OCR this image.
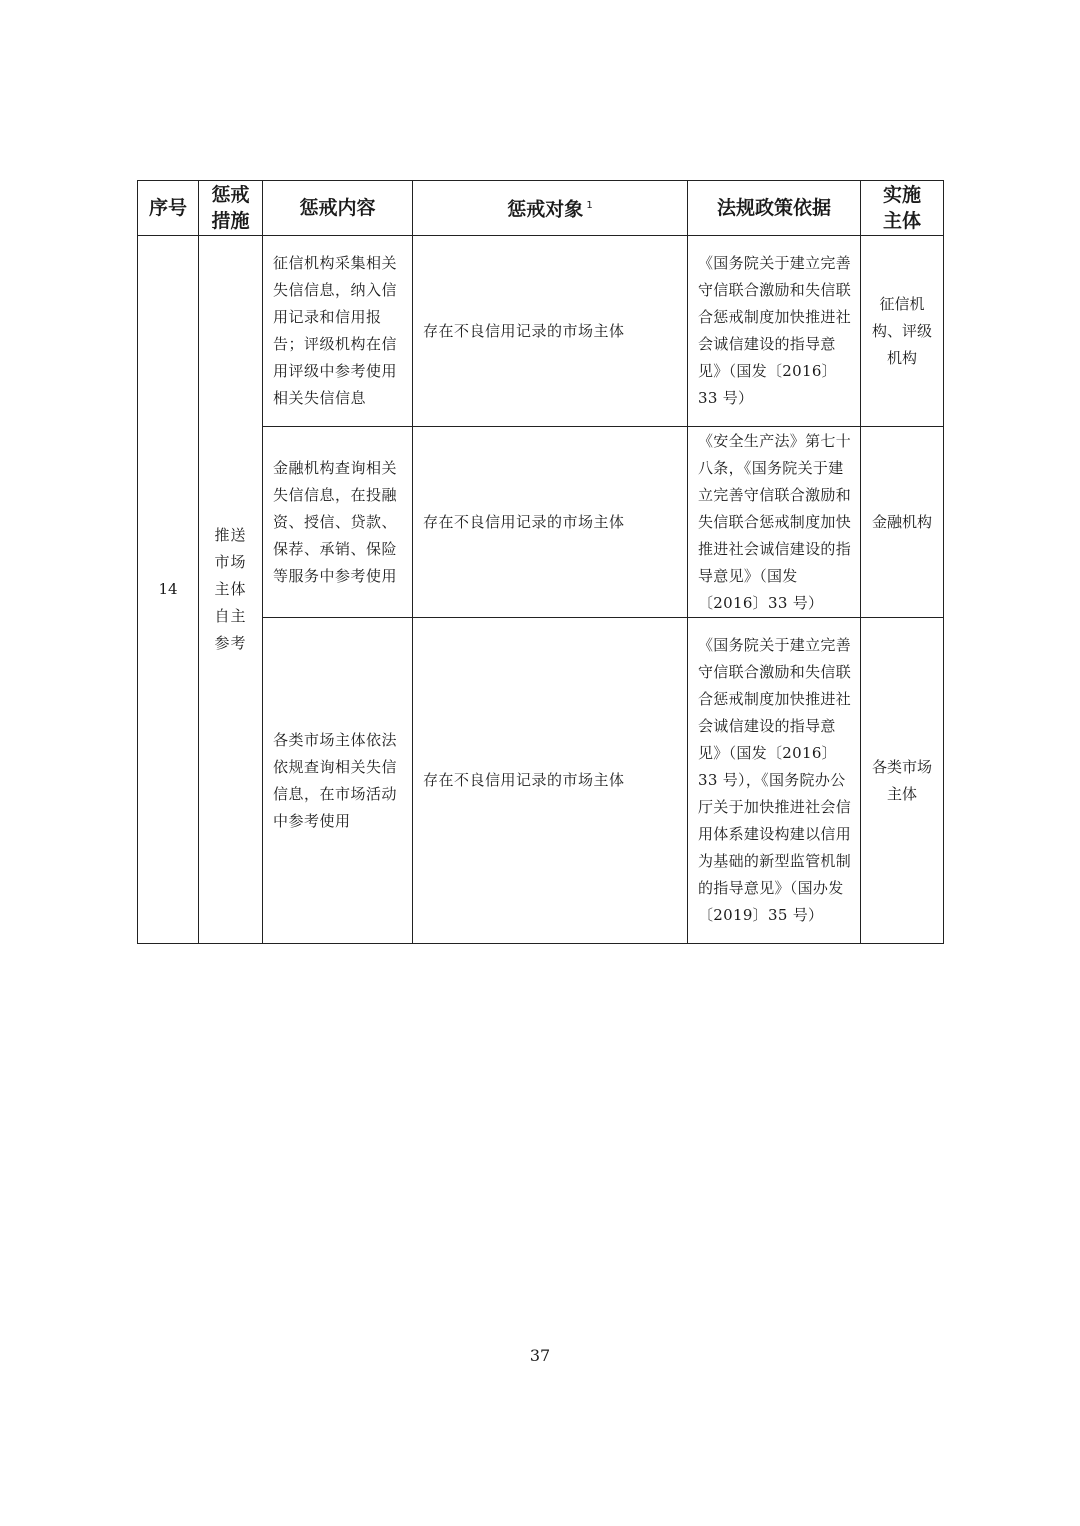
序号	惩戒措施	惩戒内容	惩戒对象 $^1$	法规政策依据	实施主体

14	推送市场主体自主参考	征信机构采集相关失信信息，纳入信用记录和信用报告；评级机构在信用评级中参考使用相关失信信息	存在不良信用记录的市场主体	《国务院关于建立完善守信联合激励和失信联合惩戒制度加快推进社会诚信建设的指导意见》（国发〔2016〕33 号）	征信机构、评级机构

		金融机构查询相关失信信息，在投融资、授信、贷款、保荐、承销、保险等服务中参考使用	存在不良信用记录的市场主体	《安全生产法》第七十八条，《国务院关于建立完善守信联合激励和失信联合惩戒制度加快推进社会诚信建设的指导意见》（国发〔2016〕33 号）	金融机构

		各类市场主体依法依规查询相关失信信息，在市场活动中参考使用	存在不良信用记录的市场主体	《国务院关于建立完善守信联合激励和失信联合惩戒制度加快推进社会诚信建设的指导意见》（国发〔2016〕33 号），《国务院办公厅关于加快推进社会信用体系建设构建以信用为基础的新型监管机制的指导意见》（国办发〔2019〕35 号）	各类市场主体
37
